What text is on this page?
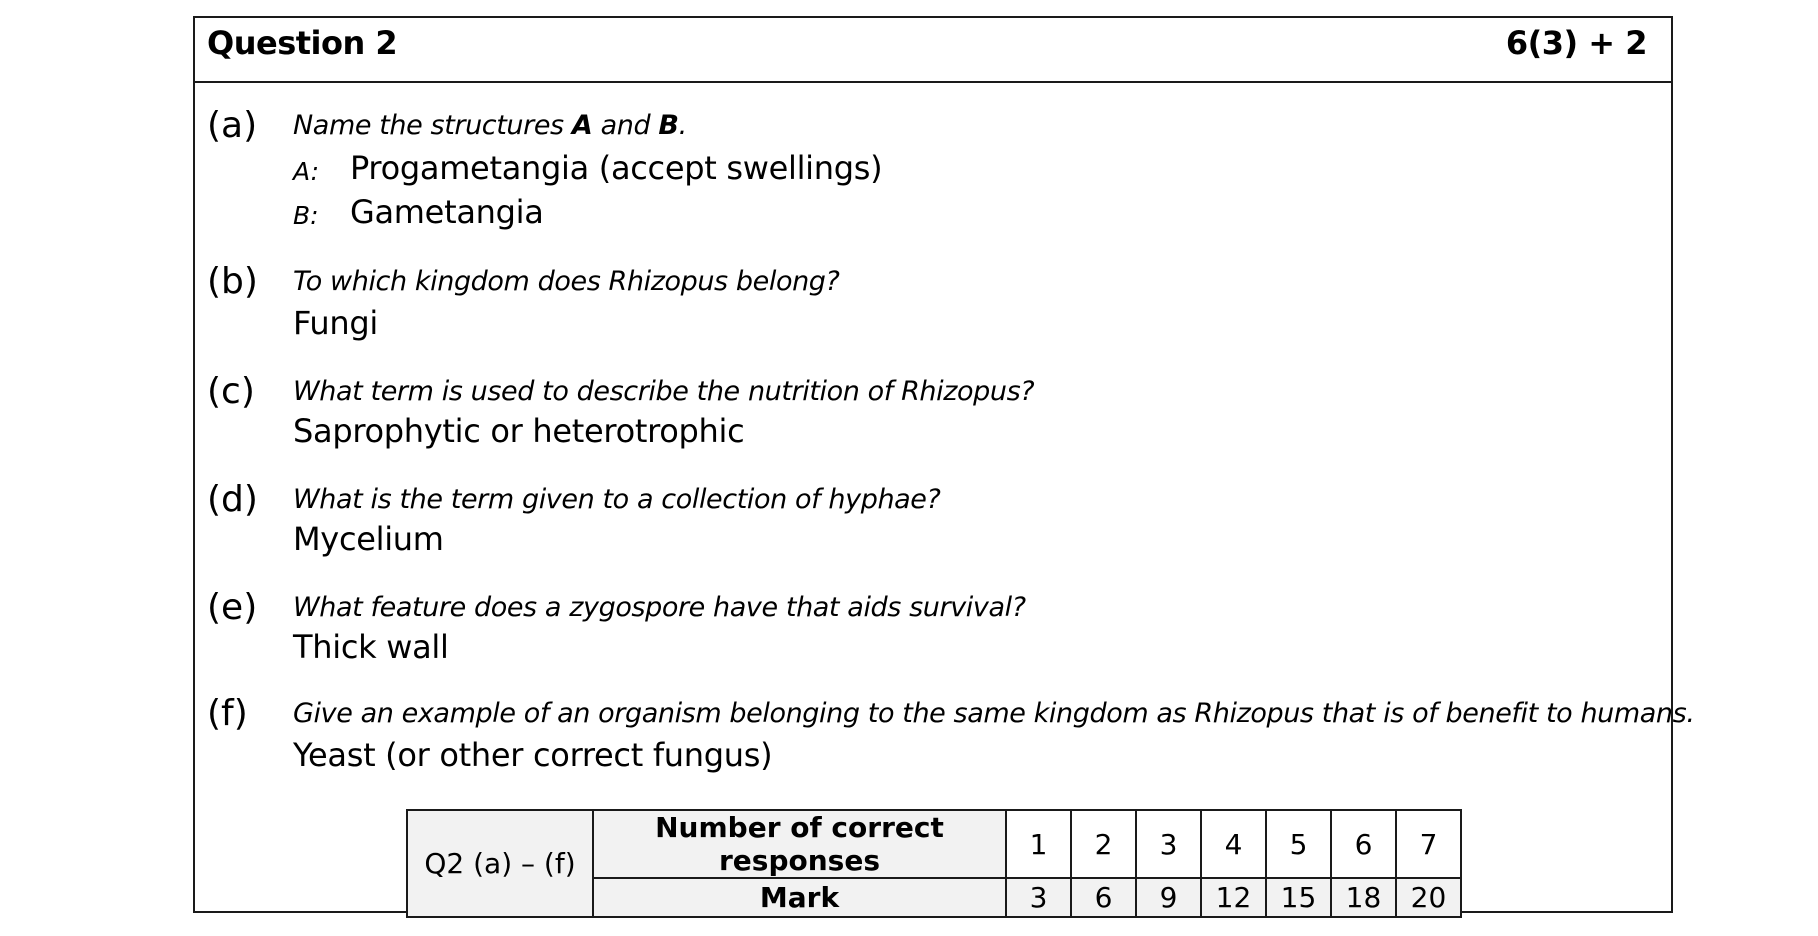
Question 2	6(3) + 2
(a) Name the structures A and B.
A: Progametangia (accept swellings)
B: Gametangia
(b) To which kingdom does Rhizopus belong?
Fungi
(c) What term is used to describe the nutrition of Rhizopus?
Saprophytic or heterotrophic
(d) What is the term given to a collection of hyphae?
Mycelium
(e) What feature does a zygospore have that aids survival?
Thick wall
(f) Give an example of an organism belonging to the same kingdom as Rhizopus that is of benefit to humans.
Yeast (or other correct fungus)
Q2 (a) – (f)	Number of correct responses	1	2	3	4	5	6	7
	Mark	3	6	9	12	15	18	20
